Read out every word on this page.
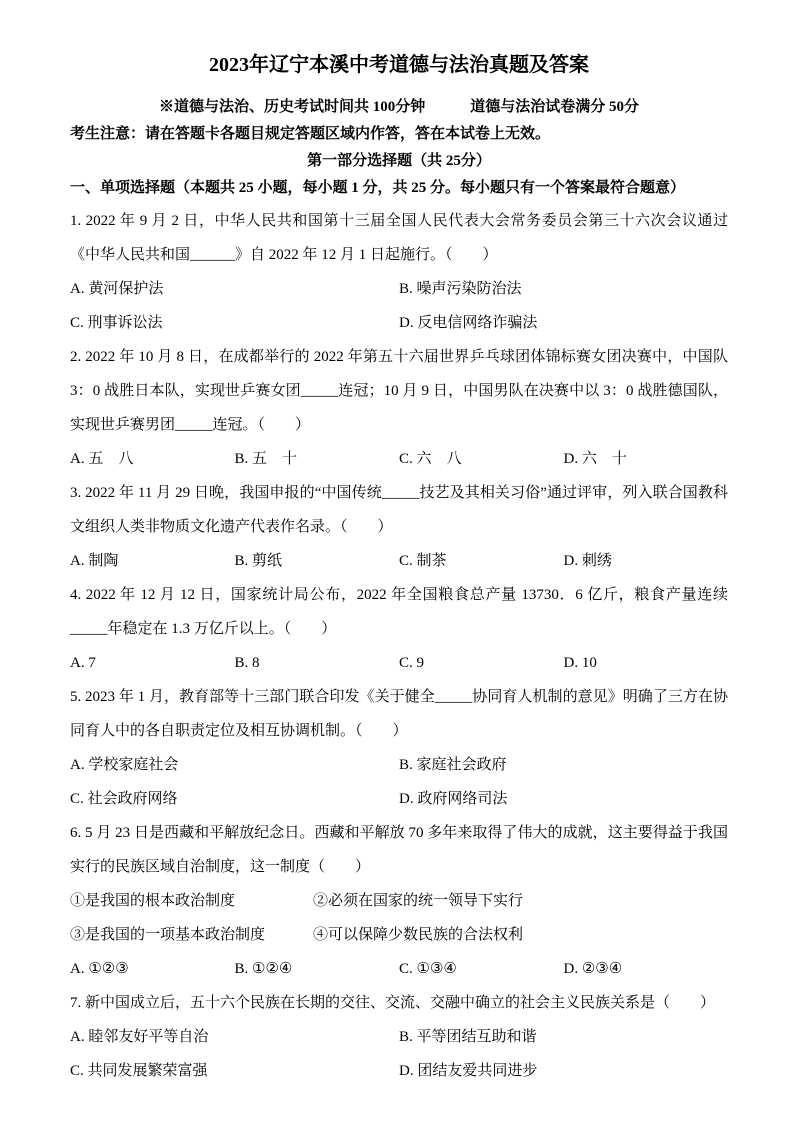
2023年辽宁本溪中考道德与法治真题及答案
※道德与法治、历史考试时间共 100分钟　　　道德与法治试卷满分 50分
考生注意：请在答题卡各题目规定答题区域内作答，答在本试卷上无效。
第一部分选择题（共 25分）
一、单项选择题（本题共 25 小题，每小题 1 分，共 25 分。每小题只有一个答案最符合题意）

1. 2022 年 9 月 2 日，中华人民共和国第十三届全国人民代表大会常务委员会第三十六次会议通过《中华人民共和国______》自 2022 年 12 月 1 日起施行。（　　）

A. 黄河保护法	B. 噪声污染防治法
C. 刑事诉讼法	D. 反电信网络诈骗法

2. 2022 年 10 月 8 日，在成都举行的 2022 年第五十六届世界乒乓球团体锦标赛女团决赛中，中国队 3：0 战胜日本队，实现世乒赛女团_____连冠；10 月 9 日，中国男队在决赛中以 3：0 战胜德国队，实现世乒赛男团_____连冠。（　　）

A. 五　八	B. 五　十	C. 六　八	D. 六　十

3. 2022 年 11 月 29 日晚，我国申报的“中国传统_____技艺及其相关习俗”通过评审，列入联合国教科文组织人类非物质文化遗产代表作名录。（　　）

A. 制陶	B. 剪纸	C. 制茶	D. 刺绣

4. 2022 年 12 月 12 日，国家统计局公布，2022 年全国粮食总产量 13730．6 亿斤，粮食产量连续_____年稳定在 1.3 万亿斤以上。（　　）

A. 7	B. 8	C. 9	D. 10

5. 2023 年 1 月，教育部等十三部门联合印发《关于健全_____协同育人机制的意见》明确了三方在协同育人中的各自职责定位及相互协调机制。（　　）

A. 学校家庭社会	B. 家庭社会政府
C. 社会政府网络	D. 政府网络司法

6. 5 月 23 日是西藏和平解放纪念日。西藏和平解放 70 多年来取得了伟大的成就，这主要得益于我国实行的民族区域自治制度，这一制度（　　）

①是我国的根本政治制度	②必须在国家的统一领导下实行
③是我国的一项基本政治制度	④可以保障少数民族的合法权利
A. ①②③	B. ①②④	C. ①③④	D. ②③④

7. 新中国成立后，五十六个民族在长期的交往、交流、交融中确立的社会主义民族关系是（　　）

A. 睦邻友好平等自治	B. 平等团结互助和谐
C. 共同发展繁荣富强	D. 团结友爱共同进步
